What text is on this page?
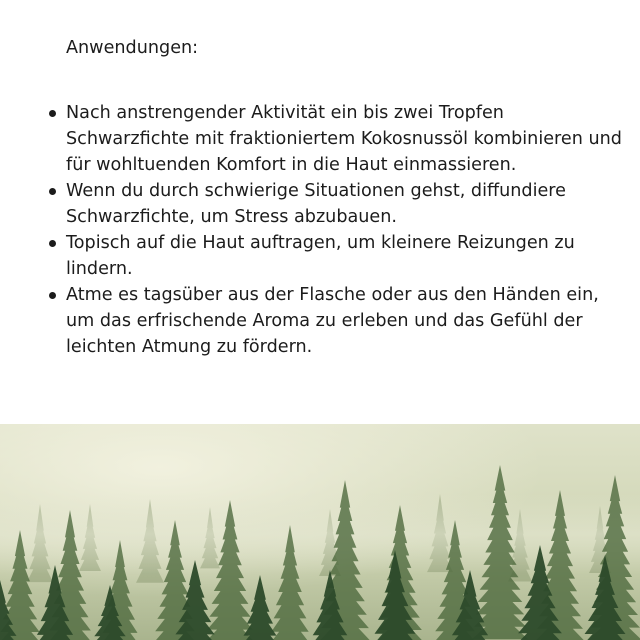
Anwendungen:
Nach anstrengender Aktivität ein bis zwei Tropfen Schwarzfichte mit fraktioniertem Kokosnussöl kombinieren und für wohltuenden Komfort in die Haut einmassieren.
Wenn du durch schwierige Situationen gehst, diffundiere Schwarzfichte, um Stress abzubauen.
Topisch auf die Haut auftragen, um kleinere Reizungen zu lindern.
Atme es tagsüber aus der Flasche oder aus den Händen ein, um das erfrischende Aroma zu erleben und das Gefühl der leichten Atmung zu fördern.
